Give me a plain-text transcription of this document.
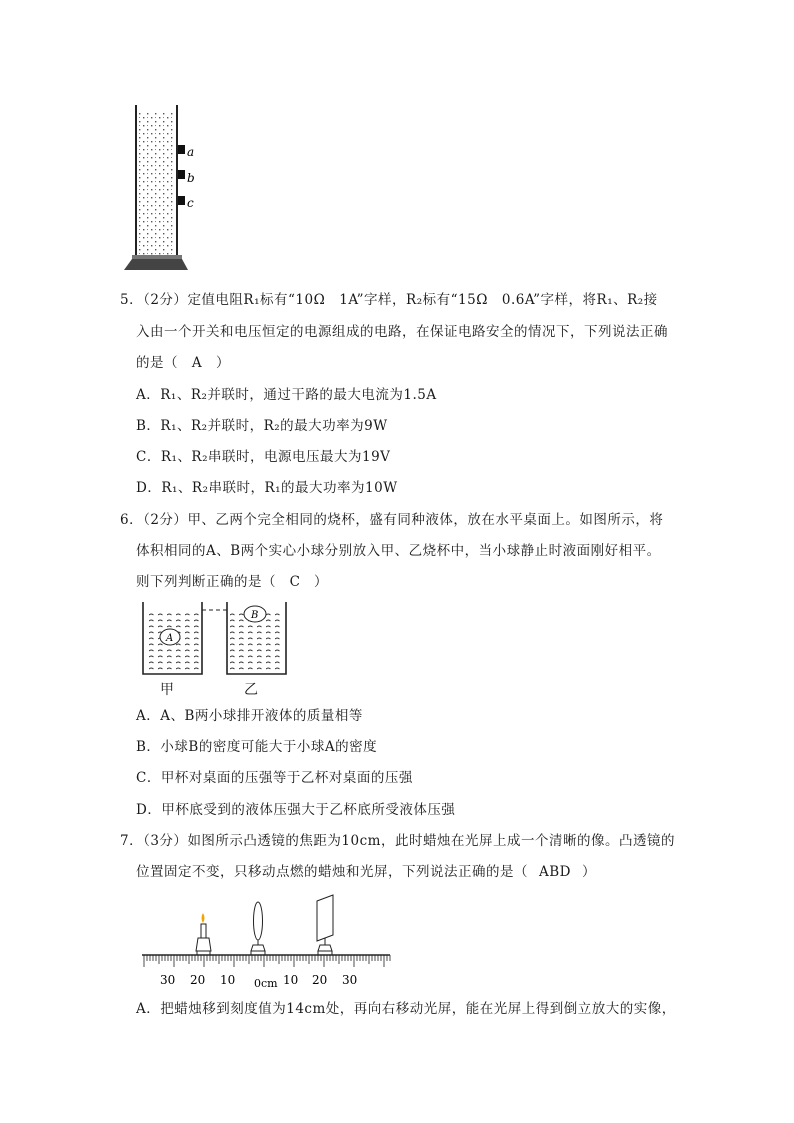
a
b
c
5．（2分）定值电阻R₁标有“10Ω　1A”字样，R₂标有“15Ω　0.6A”字样，将R₁、R₂接
入由一个开关和电压恒定的电源组成的电路，在保证电路安全的情况下，下列说法正确
的是（ A ）
A．R₁、R₂并联时，通过干路的最大电流为1.5A
B．R₁、R₂并联时，R₂的最大功率为9W
C．R₁、R₂串联时，电源电压最大为19V
D．R₁、R₂串联时，R₁的最大功率为10W
6．（2分）甲、乙两个完全相同的烧杯，盛有同种液体，放在水平桌面上。如图所示，将
体积相同的A、B两个实心小球分别放入甲、乙烧杯中，当小球静止时液面刚好相平。
则下列判断正确的是（ C ）
A
B
甲	乙
A．A、B两小球排开液体的质量相等
B．小球B的密度可能大于小球A的密度
C．甲杯对桌面的压强等于乙杯对桌面的压强
D．甲杯底受到的液体压强大于乙杯底所受液体压强
7．（3分）如图所示凸透镜的焦距为10cm，此时蜡烛在光屏上成一个清晰的像。凸透镜的
位置固定不变，只移动点燃的蜡烛和光屏，下列说法正确的是（ ABD ）
30 20 10 0cm 10 20 30
A．把蜡烛移到刻度值为14cm处，再向右移动光屏，能在光屏上得到倒立放大的实像，
